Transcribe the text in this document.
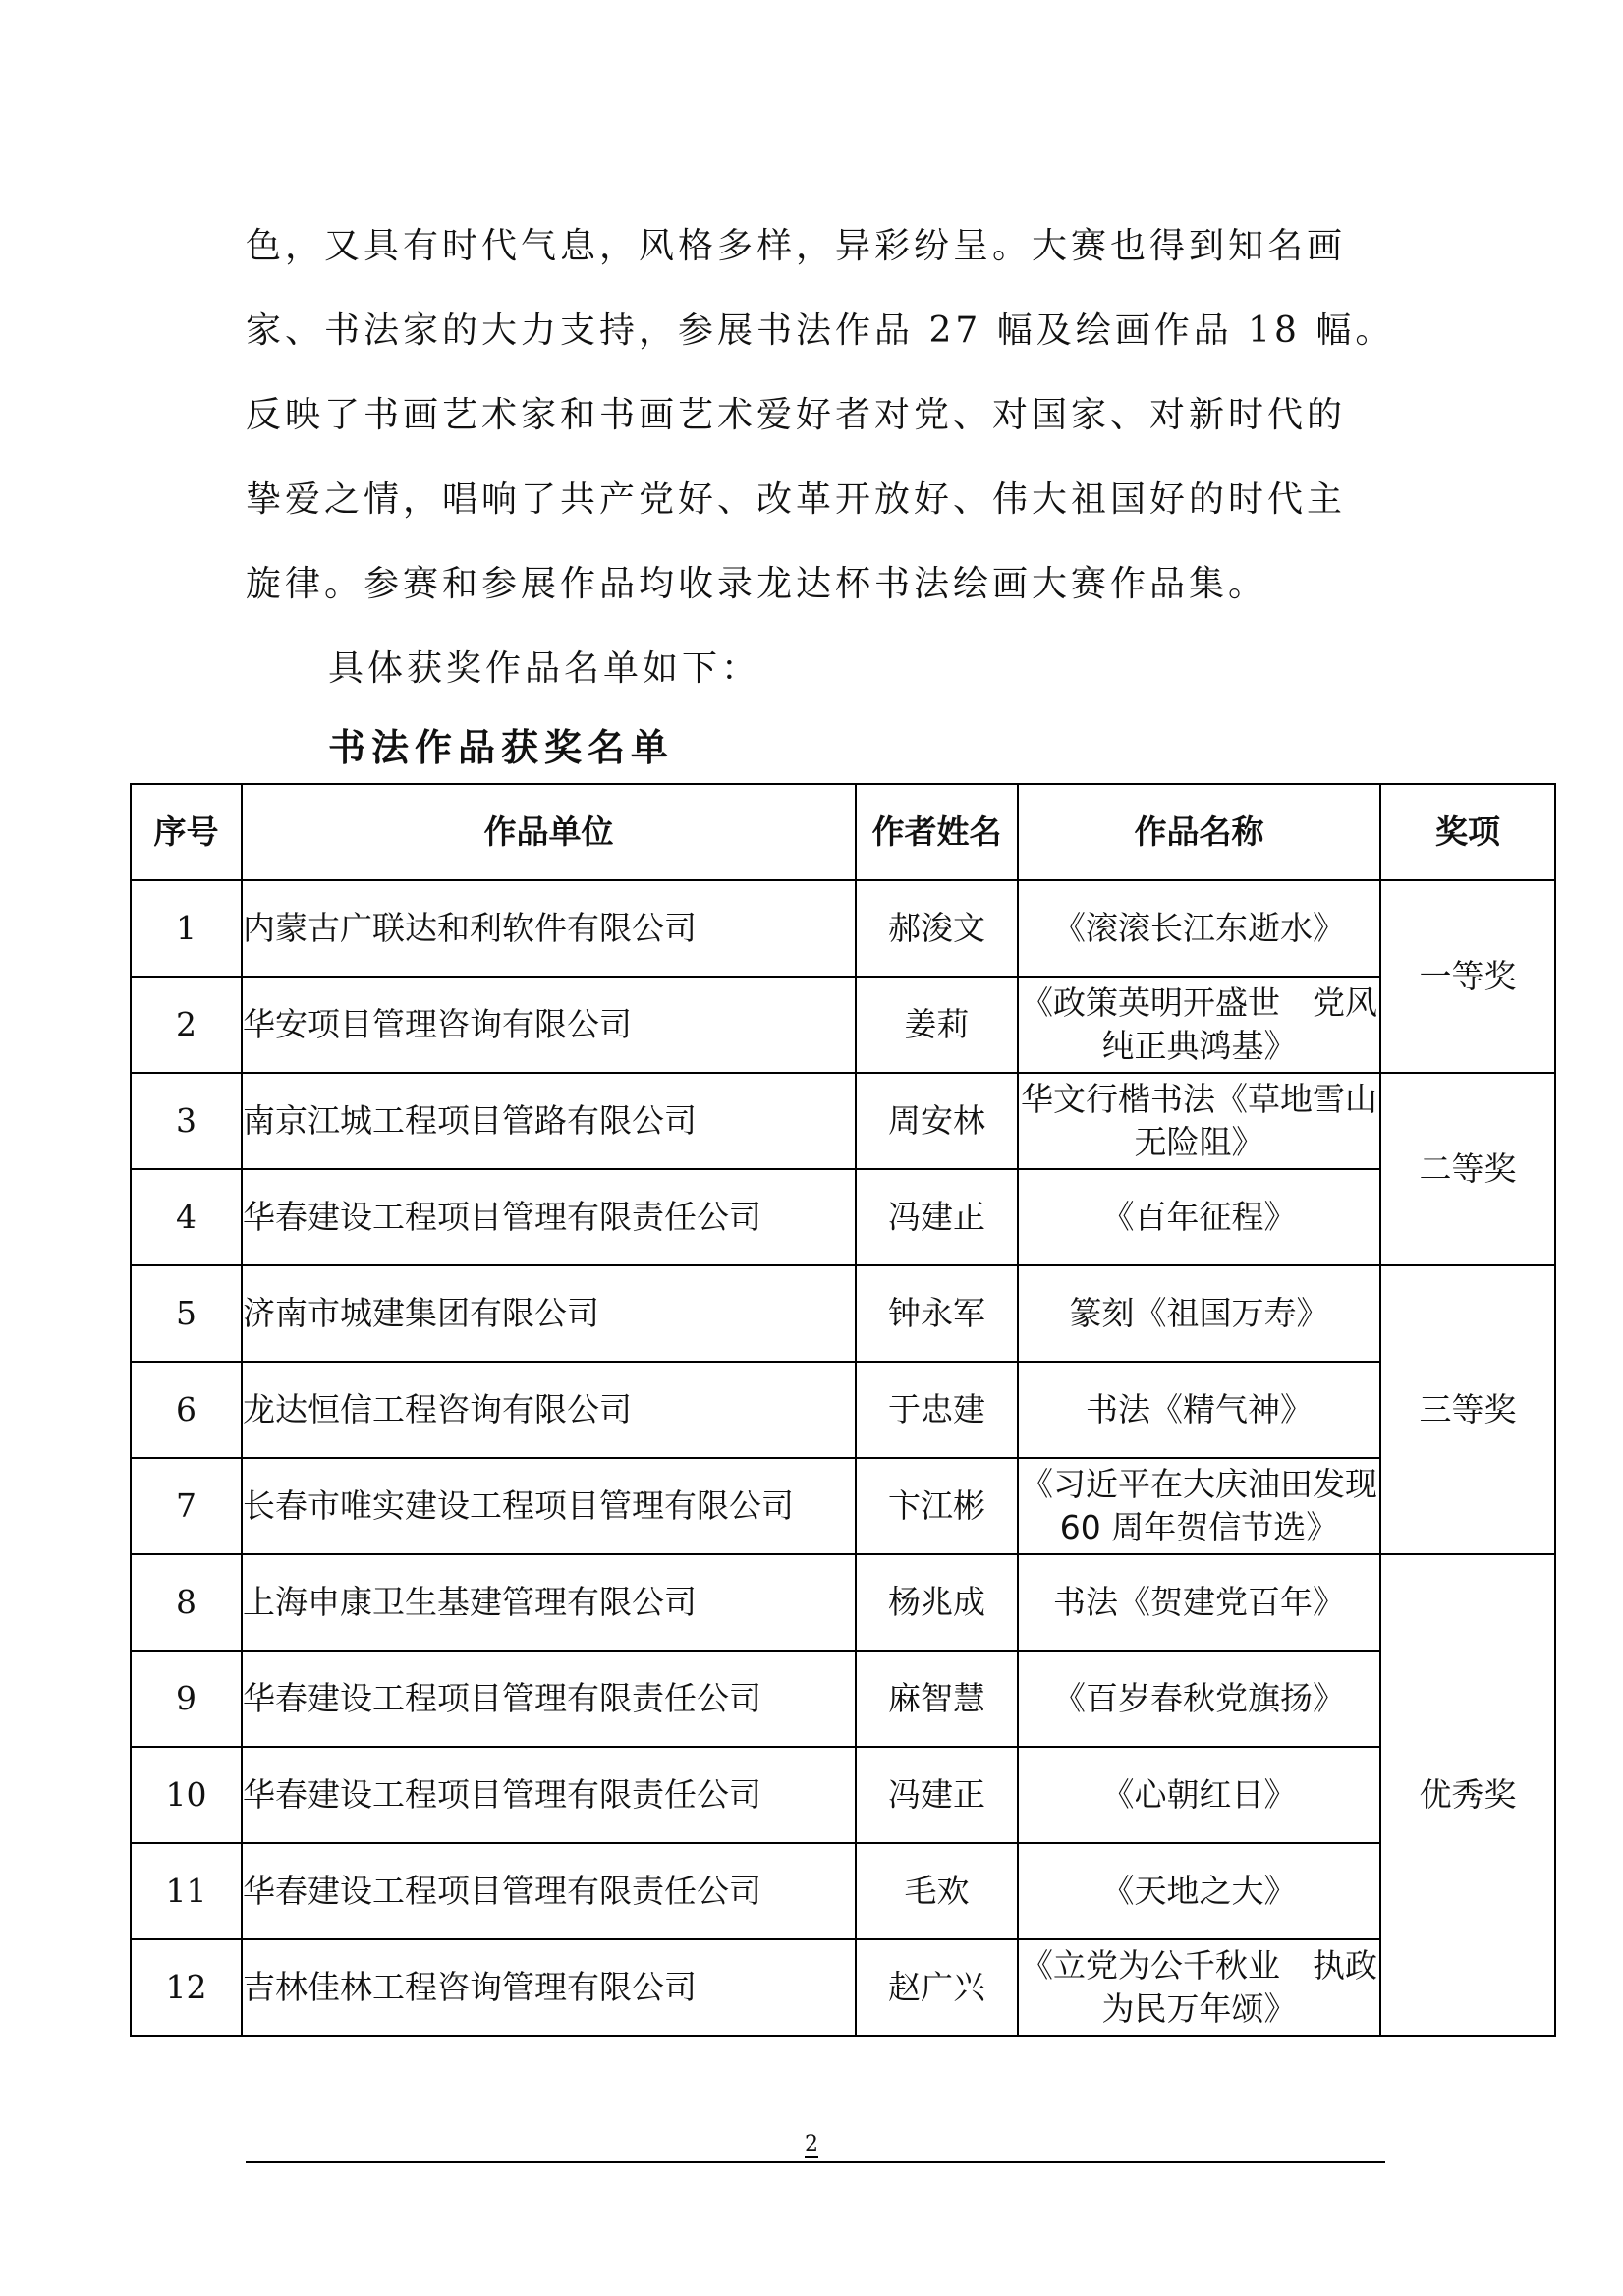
色，又具有时代气息，风格多样，异彩纷呈。大赛也得到知名画
家、书法家的大力支持，参展书法作品 27 幅及绘画作品 18 幅。
反映了书画艺术家和书画艺术爱好者对党、对国家、对新时代的
挚爱之情，唱响了共产党好、改革开放好、伟大祖国好的时代主
旋律。参赛和参展作品均收录龙达杯书法绘画大赛作品集。
具体获奖作品名单如下：
书法作品获奖名单
序号	作品单位	作者姓名	作品名称	奖项
1	内蒙古广联达和利软件有限公司	郝浚文	《滚滚长江东逝水》	一等奖
2	华安项目管理咨询有限公司	姜莉	《政策英明开盛世　党风纯正典鸿基》	
3	南京江城工程项目管路有限公司	周安林	华文行楷书法《草地雪山无险阻》	二等奖
4	华春建设工程项目管理有限责任公司	冯建正	《百年征程》	
5	济南市城建集团有限公司	钟永军	篆刻《祖国万寿》	三等奖
6	龙达恒信工程咨询有限公司	于忠建	书法《精气神》	
7	长春市唯实建设工程项目管理有限公司	卞江彬	《习近平在大庆油田发现 60 周年贺信节选》	
8	上海申康卫生基建管理有限公司	杨兆成	书法《贺建党百年》	优秀奖
9	华春建设工程项目管理有限责任公司	麻智慧	《百岁春秋党旗扬》	
10	华春建设工程项目管理有限责任公司	冯建正	《心朝红日》	
11	华春建设工程项目管理有限责任公司	毛欢	《天地之大》	
12	吉林佳林工程咨询管理有限公司	赵广兴	《立党为公千秋业　执政为民万年颂》	
2
